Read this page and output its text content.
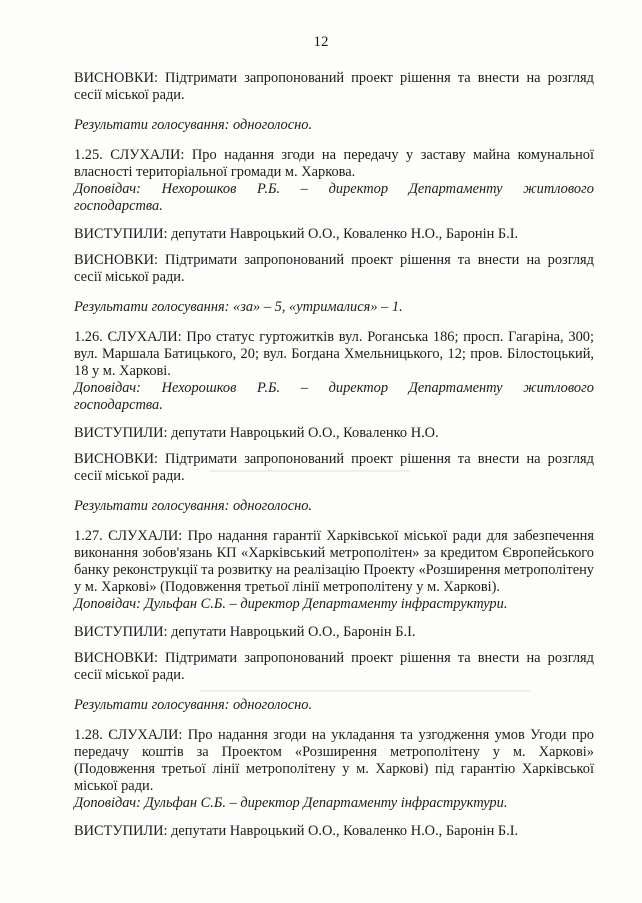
12

ВИСНОВКИ: Підтримати запропонований проект рішення та внести на розгляд сесії міської ради.

Результати голосування: одноголосно.

1.25. СЛУХАЛИ: Про надання згоди на передачу у заставу майна комунальної власності територіальної громади м. Харкова.

Доповідач: Нехорошков Р.Б. – директор Департаменту житлового

господарства.

ВИСТУПИЛИ: депутати Навроцький О.О., Коваленко Н.О., Баронін Б.І.

ВИСНОВКИ: Підтримати запропонований проект рішення та внести на розгляд сесії міської ради.

Результати голосування: «за» – 5, «утрималися» – 1.

1.26. СЛУХАЛИ: Про статус гуртожитків вул. Роганська 186; просп. Гагаріна, 300; вул. Маршала Батицького, 20; вул. Богдана Хмельницького, 12; пров. Білостоцький, 18 у м. Харкові.

Доповідач: Нехорошков Р.Б. – директор Департаменту житлового

господарства.

ВИСТУПИЛИ: депутати Навроцький О.О., Коваленко Н.О.

ВИСНОВКИ: Підтримати запропонований проект рішення та внести на розгляд сесії міської ради.

Результати голосування: одноголосно.

1.27. СЛУХАЛИ: Про надання гарантії Харківської міської ради для забезпечення виконання зобов'язань КП «Харківський метрополітен» за кредитом Європейського банку реконструкції та розвитку на реалізацію Проекту «Розширення метрополітену у м. Харкові» (Подовження третьої лінії метрополітену у м. Харкові).

Доповідач: Дульфан С.Б. – директор Департаменту інфраструктури.

ВИСТУПИЛИ: депутати Навроцький О.О., Баронін Б.І.

ВИСНОВКИ: Підтримати запропонований проект рішення та внести на розгляд сесії міської ради.

Результати голосування: одноголосно.

1.28. СЛУХАЛИ: Про надання згоди на укладання та узгодження умов Угоди про передачу коштів за Проектом «Розширення метрополітену у м. Харкові» (Подовження третьої лінії метрополітену у м. Харкові) під гарантію Харківської міської ради.

Доповідач: Дульфан С.Б. – директор Департаменту інфраструктури.

ВИСТУПИЛИ: депутати Навроцький О.О., Коваленко Н.О., Баронін Б.І.
